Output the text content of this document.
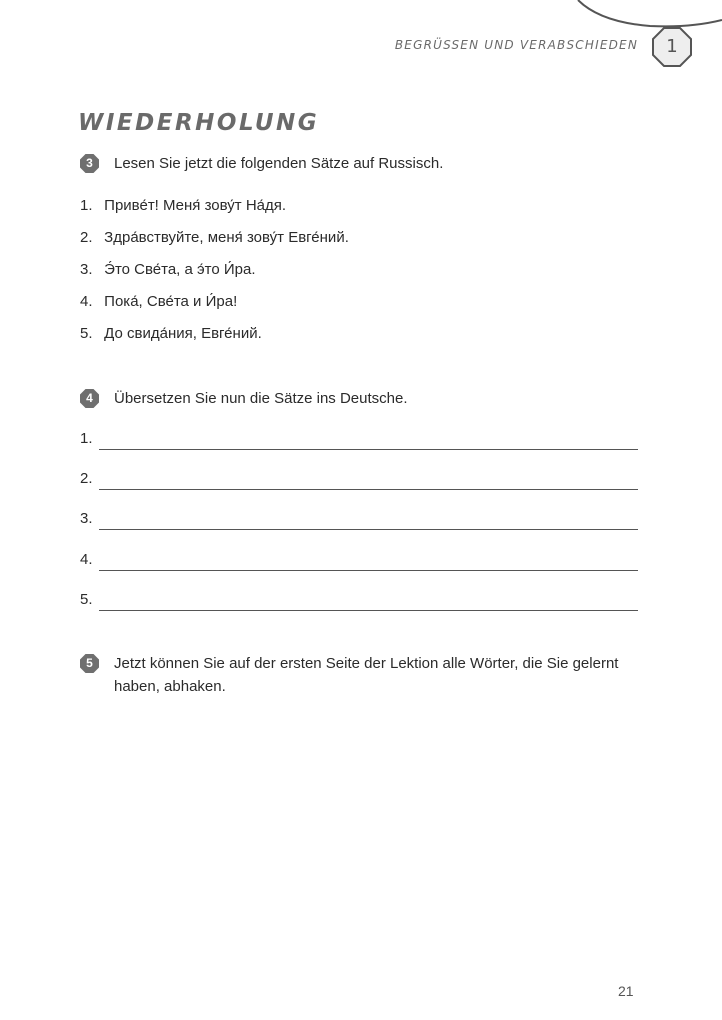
BEGRÜSSEN UND VERABSCHIEDEN	1
WIEDERHOLUNG
3	Lesen Sie jetzt die folgenden Sätze auf Russisch.
1. Приве́т! Меня́ зову́т На́дя.
2. Здра́вствуйте, меня́ зову́т Евге́ний.
3. Э́то Све́та, а э́то И́ра.
4. Пока́, Све́та и И́ра!
5. До свида́ния, Евге́ний.
4	Übersetzen Sie nun die Sätze ins Deutsche.
1.
2.
3.
4.
5.
5	Jetzt können Sie auf der ersten Seite der Lektion alle Wörter, die Sie gelernt haben, abhaken.
21
